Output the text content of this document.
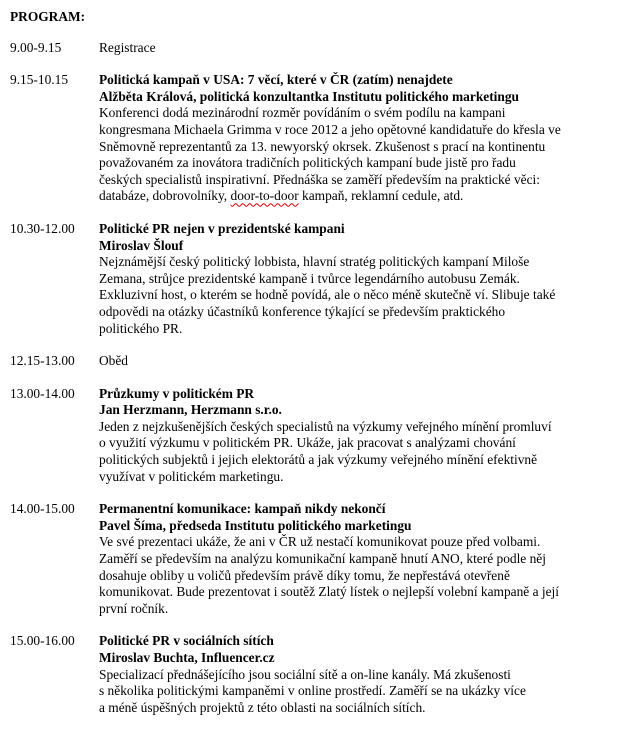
PROGRAM:
9.00-9.15	Registrace
9.15-10.15	Politická kampaň v USA: 7 věcí, které v ČR (zatím) nenajdete
Alžběta Králová, politická konzultantka Institutu politického marketingu
Konferenci dodá mezinárodní rozměr povídáním o svém podílu na kampani
kongresmana Michaela Grimma v roce 2012 a jeho opětovné kandidatuře do křesla ve
Sněmovně reprezentantů za 13. newyorský okrsek. Zkušenost s prací na kontinentu
považovaném za inovátora tradičních politických kampaní bude jistě pro řadu
českých specialistů inspirativní. Přednáška se zaměří především na praktické věci:
databáze, dobrovolníky, door-to-door kampaň, reklamní cedule, atd.
10.30-12.00	Politické PR nejen v prezidentské kampani
Miroslav Šlouf
Nejznámější český politický lobbista, hlavní stratég politických kampaní Miloše
Zemana, strůjce prezidentské kampaně i tvůrce legendárního autobusu Zemák.
Exkluzivní host, o kterém se hodně povídá, ale o něco méně skutečně ví. Slibuje také
odpovědi na otázky účastníků konference týkající se především praktického
politického PR.
12.15-13.00	Oběd
13.00-14.00	Průzkumy v politickém PR
Jan Herzmann, Herzmann s.r.o.
Jeden z nejzkušenějších českých specialistů na výzkumy veřejného mínění promluví
o využití výzkumu v politickém PR. Ukáže, jak pracovat s analýzami chování
politických subjektů i jejich elektorátů a jak výzkumy veřejného mínění efektivně
využívat v politickém marketingu.
14.00-15.00	Permanentní komunikace: kampaň nikdy nekončí
Pavel Šíma, předseda Institutu politického marketingu
Ve své prezentaci ukáže, že ani v ČR už nestačí komunikovat pouze před volbami.
Zaměří se především na analýzu komunikační kampaně hnutí ANO, které podle něj
dosahuje obliby u voličů především právě díky tomu, že nepřestává otevřeně
komunikovat. Bude prezentovat i soutěž Zlatý lístek o nejlepší volební kampaně a její
první ročník.
15.00-16.00	Politické PR v sociálních sítích
Miroslav Buchta, Influencer.cz
Specializací přednášejícího jsou sociální sítě a on-line kanály. Má zkušenosti
s několika politickými kampaněmi v online prostředí. Zaměří se na ukázky více
a méně úspěšných projektů z této oblasti na sociálních sítích.
